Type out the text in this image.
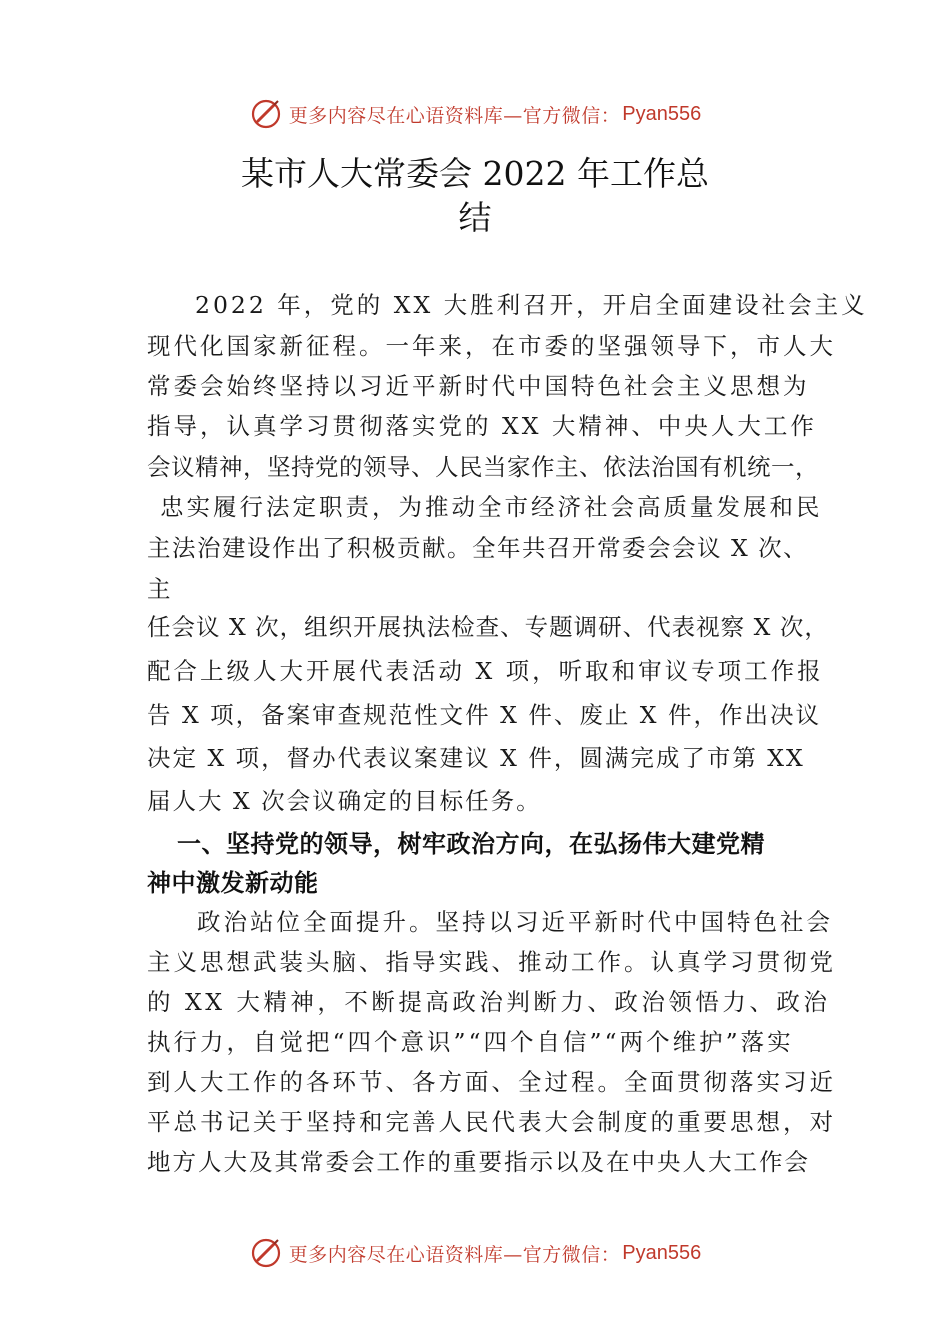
更多内容尽在心语资料库—官方微信： Pyan556
某市人大常委会 2022 年工作总
结
2022 年，党的 XX 大胜利召开，开启全面建设社会主义
现代化国家新征程。一年来，在市委的坚强领导下，市人大
常委会始终坚持以习近平新时代中国特色社会主义思想为
指导，认真学习贯彻落实党的 XX 大精神、中央人大工作
会议精神，坚持党的领导、人民当家作主、依法治国有机统一，
忠实履行法定职责，为推动全市经济社会高质量发展和民
主法治建设作出了积极贡献。全年共召开常委会会议 X 次、
主
任会议 X 次，组织开展执法检查、专题调研、代表视察 X 次，
配合上级人大开展代表活动 X 项，听取和审议专项工作报
告 X 项，备案审查规范性文件 X 件、废止 X 件，作出决议
决定 X 项，督办代表议案建议 X 件，圆满完成了市第 XX
届人大 X 次会议确定的目标任务。
一、坚持党的领导，树牢政治方向，在弘扬伟大建党精
神中激发新动能
政治站位全面提升。坚持以习近平新时代中国特色社会
主义思想武装头脑、指导实践、推动工作。认真学习贯彻党
的 XX 大精神，不断提高政治判断力、政治领悟力、政治
执行力，自觉把“四个意识”“四个自信”“两个维护”落实
到人大工作的各环节、各方面、全过程。全面贯彻落实习近
平总书记关于坚持和完善人民代表大会制度的重要思想，对
地方人大及其常委会工作的重要指示以及在中央人大工作会
更多内容尽在心语资料库—官方微信： Pyan556
